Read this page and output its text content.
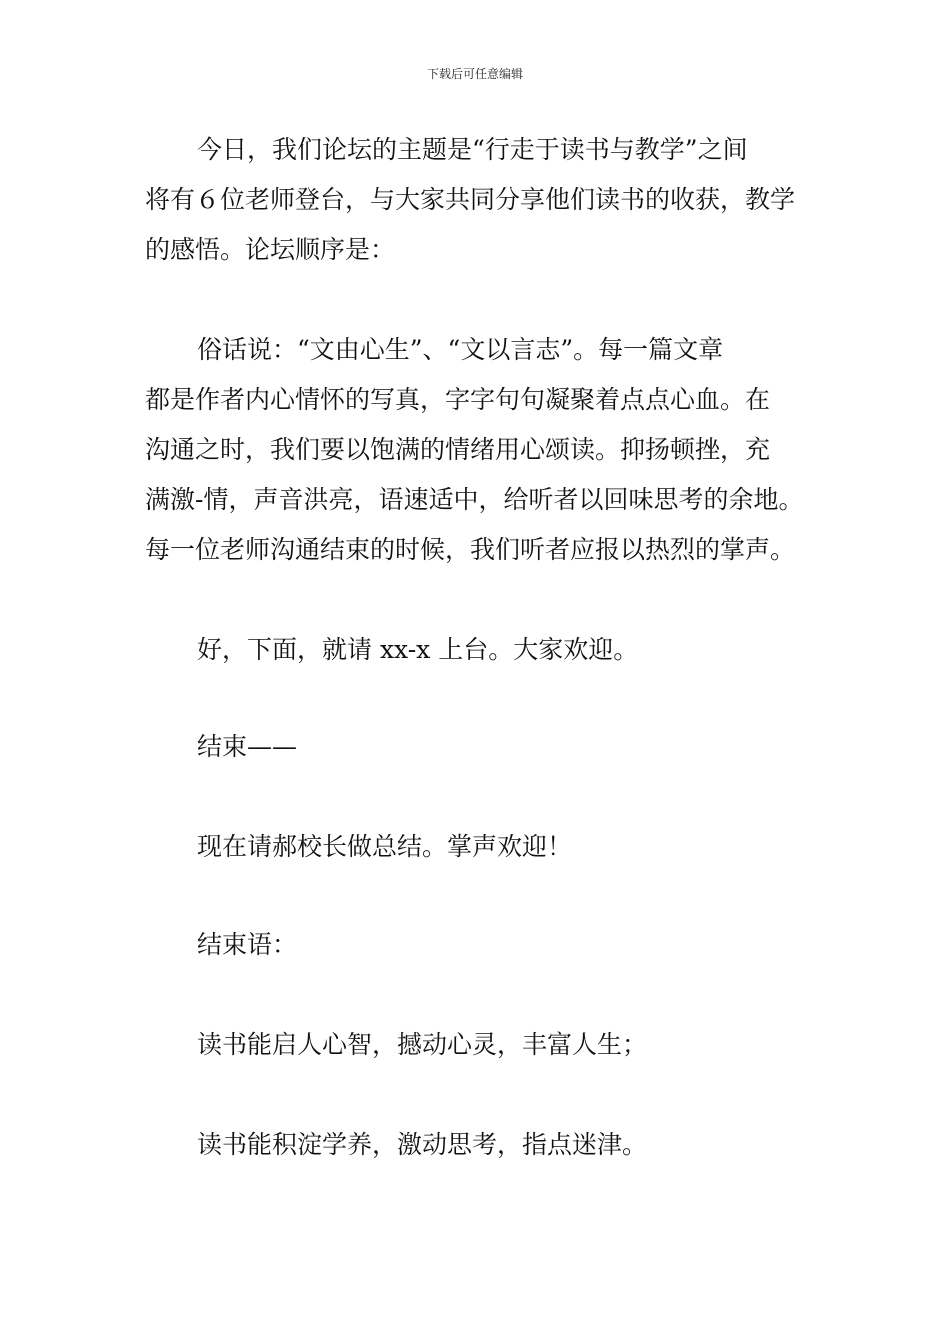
下载后可任意编辑
今日，我们论坛的主题是“行走于读书与教学”之间
将有６位老师登台，与大家共同分享他们读书的收获，教学
的感悟。论坛顺序是：
俗话说：“文由心生”、“文以言志”。每一篇文章
都是作者内心情怀的写真，字字句句凝聚着点点心血。在
沟通之时，我们要以饱满的情绪用心颂读。抑扬顿挫，充
满激-情，声音洪亮，语速适中，给听者以回味思考的余地。
每一位老师沟通结束的时候，我们听者应报以热烈的掌声。
好，下面，就请 xx-x 上台。大家欢迎。
结束——
现在请郝校长做总结。掌声欢迎！
结束语：
读书能启人心智，撼动心灵，丰富人生；
读书能积淀学养，激动思考，指点迷津。
